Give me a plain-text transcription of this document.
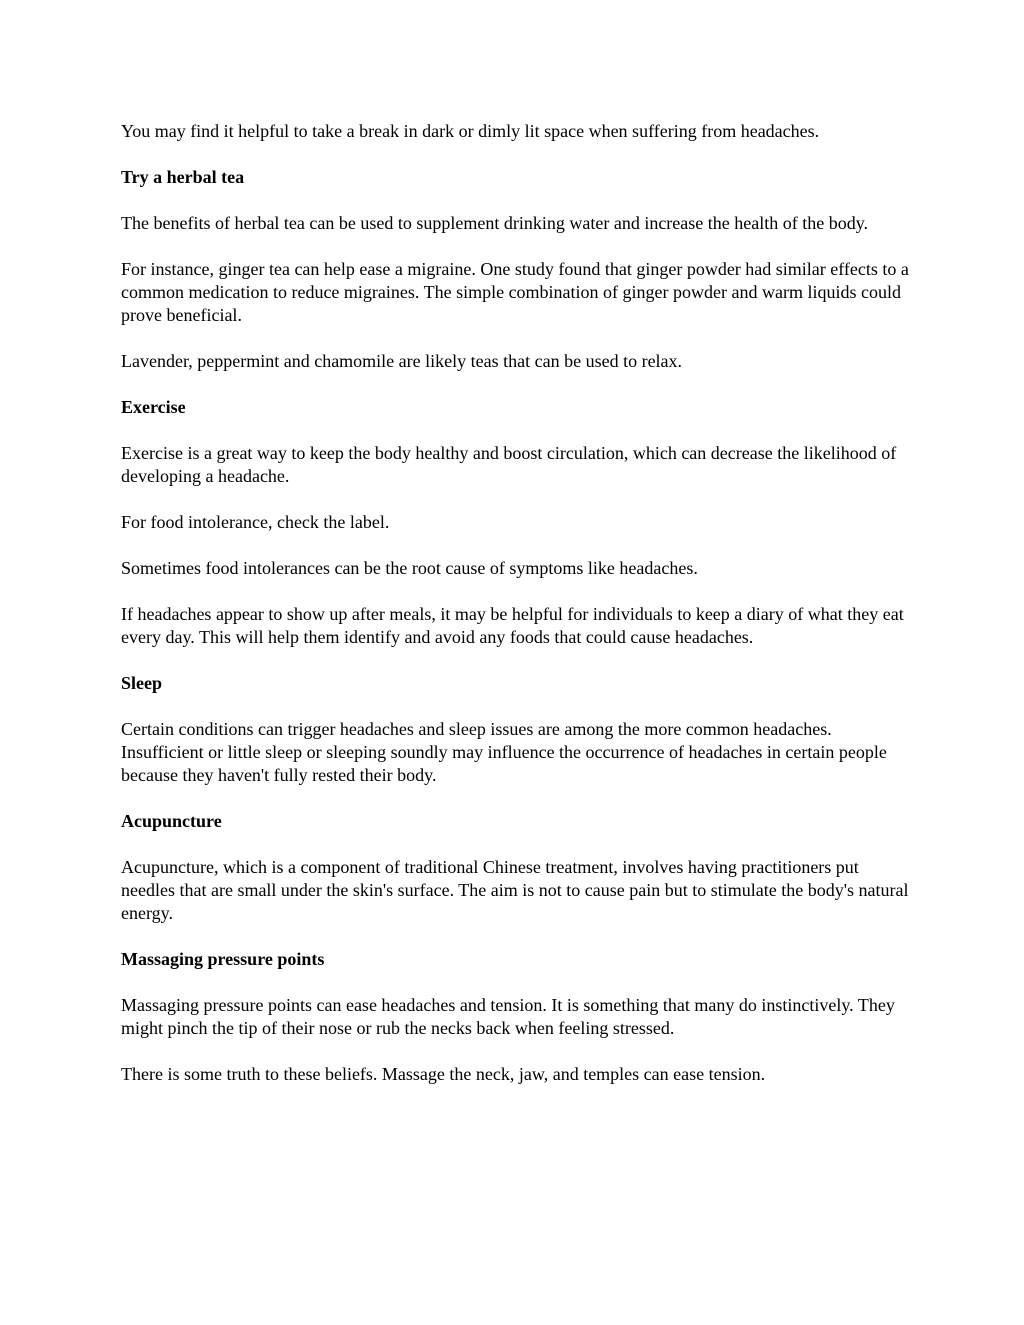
You may find it helpful to take a break in dark or dimly lit space when suffering from headaches.

Try a herbal tea

The benefits of herbal tea can be used to supplement drinking water and increase the health of the body.

For instance, ginger tea can help ease a migraine. One study found that ginger powder had similar effects to a common medication to reduce migraines. The simple combination of ginger powder and warm liquids could prove beneficial.

Lavender, peppermint and chamomile are likely teas that can be used to relax.

Exercise

Exercise is a great way to keep the body healthy and boost circulation, which can decrease the likelihood of developing a headache.

For food intolerance, check the label.

Sometimes food intolerances can be the root cause of symptoms like headaches.

If headaches appear to show up after meals, it may be helpful for individuals to keep a diary of what they eat every day. This will help them identify and avoid any foods that could cause headaches.

Sleep

Certain conditions can trigger headaches and sleep issues are among the more common headaches. Insufficient or little sleep or sleeping soundly may influence the occurrence of headaches in certain people because they haven't fully rested their body.

Acupuncture

Acupuncture, which is a component of traditional Chinese treatment, involves having practitioners put needles that are small under the skin's surface. The aim is not to cause pain but to stimulate the body's natural energy.

Massaging pressure points

Massaging pressure points can ease headaches and tension. It is something that many do instinctively. They might pinch the tip of their nose or rub the necks back when feeling stressed.

There is some truth to these beliefs. Massage the neck, jaw, and temples can ease tension.
